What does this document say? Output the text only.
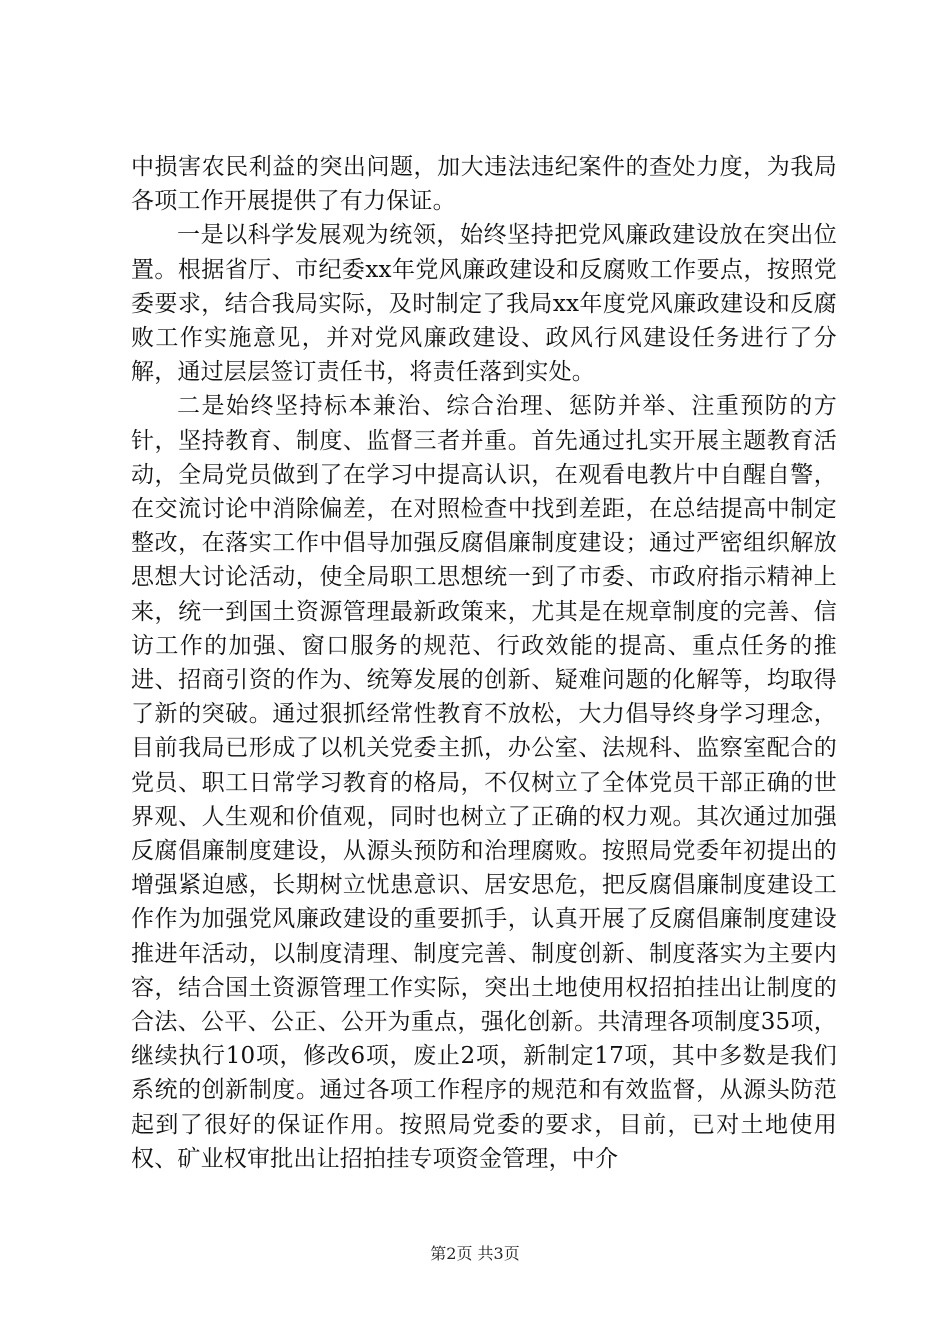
中损害农民利益的突出问题，加大违法违纪案件的查处力度，为我局各项工作开展提供了有力保证。

一是以科学发展观为统领，始终坚持把党风廉政建设放在突出位置。根据省厅、市纪委xx年党风廉政建设和反腐败工作要点，按照党委要求，结合我局实际，及时制定了我局xx年度党风廉政建设和反腐败工作实施意见，并对党风廉政建设、政风行风建设任务进行了分解，通过层层签订责任书，将责任落到实处。

二是始终坚持标本兼治、综合治理、惩防并举、注重预防的方针，坚持教育、制度、监督三者并重。首先通过扎实开展主题教育活动，全局党员做到了在学习中提高认识，在观看电教片中自醒自警，在交流讨论中消除偏差，在对照检查中找到差距，在总结提高中制定整改，在落实工作中倡导加强反腐倡廉制度建设；通过严密组织解放思想大讨论活动，使全局职工思想统一到了市委、市政府指示精神上来，统一到国土资源管理最新政策来，尤其是在规章制度的完善、信访工作的加强、窗口服务的规范、行政效能的提高、重点任务的推进、招商引资的作为、统筹发展的创新、疑难问题的化解等，均取得了新的突破。通过狠抓经常性教育不放松，大力倡导终身学习理念，目前我局已形成了以机关党委主抓，办公室、法规科、监察室配合的党员、职工日常学习教育的格局，不仅树立了全体党员干部正确的世界观、人生观和价值观，同时也树立了正确的权力观。其次通过加强反腐倡廉制度建设，从源头预防和治理腐败。按照局党委年初提出的增强紧迫感，长期树立忧患意识、居安思危，把反腐倡廉制度建设工作作为加强党风廉政建设的重要抓手，认真开展了反腐倡廉制度建设推进年活动，以制度清理、制度完善、制度创新、制度落实为主要内容，结合国土资源管理工作实际，突出土地使用权招拍挂出让制度的合法、公平、公正、公开为重点，强化创新。共清理各项制度35项，继续执行10项，修改6项，废止2项，新制定17项，其中多数是我们系统的创新制度。通过各项工作程序的规范和有效监督，从源头防范起到了很好的保证作用。按照局党委的要求，目前，已对土地使用权、矿业权审批出让招拍挂专项资金管理，中介

第2页 共3页
